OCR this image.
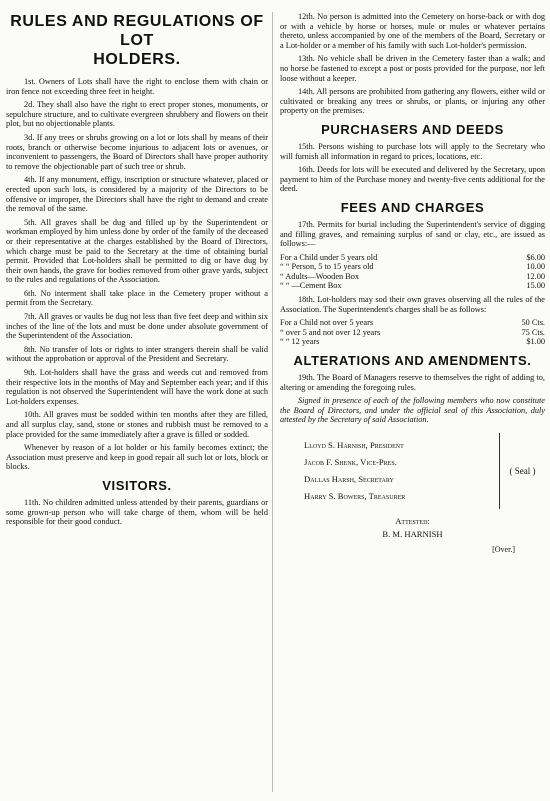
RULES AND REGULATIONS OF LOT
HOLDERS.

1st. Owners of Lots shall have the right to enclose them with chain or iron fence not exceeding three feet in height.

2d. They shall also have the right to erect proper stones, monuments, or sepulchure structure, and to cultivate evergreen shrubbery and flowers on their plot, but no objectionable plants.

3d. If any trees or shrubs growing on a lot or lots shall by means of their roots, branch or otherwise become injurious to adjacent lots or avenues, or inconvenient to passengers, the Board of Directors shall have proper authority to remove the objectionable part of such tree or shrub.

4th. If any monument, effigy, inscription or structure whatever, placed or erected upon such lots, is considered by a majority of the Directors to be offensive or improper, the Directors shall have the right to demand and create the removal of the same.

5th. All graves shall be dug and filled up by the Superintendent or workman employed by him unless done by order of the family of the deceased or their representative at the charges established by the Board of Directors, which charge must be paid to the Secretary at the time of obtaining burial permit. Provided that Lot-holders shall be permitted to dig or have dug by their own hands, the grave for bodies removed from other grave yards, subject to the rules and regulations of the Association.

6th. No interment shall take place in the Cemetery proper without a permit from the Secretary.

7th. All graves or vaults be dug not less than five feet deep and within six inches of the line of the lots and must be done under absolute government of the Superintendent of the Association.

8th. No transfer of lots or rights to inter strangers therein shall be valid without the approbation or approval of the President and Secretary.

9th. Lot-holders shall have the grass and weeds cut and removed from their respective lots in the months of May and September each year; and if this regulation is not observed the Superintendent will have the work done at such Lot-holders expenses.

10th. All graves must be sodded within ten months after they are filled, and all surplus clay, sand, stone or stones and rubbish must be removed to a place provided for the same immediately after a grave is filled or sodded.

Whenever by reason of a lot holder or his family becomes extinct; the Association must preserve and keep in good repair all such lot or lots, block or blocks.

VISITORS.

11th. No children admitted unless attended by their parents, guardians or some grown-up person who will take charge of them, whom will be held responsible for their good conduct.

12th. No person is admitted into the Cemetery on horse-back or with dog or with a vehicle by horse or horses, mule or mules or whatever pertains thereto, unless accompanied by one of the members of the Board, Secretary or a Lot-holder or a member of his family with such Lot-holder's permission.

13th. No vehicle shall be driven in the Cemetery faster than a walk; and no horse be fastened to except a post or posts provided for the purpose, nor left loose without a keeper.

14th. All persons are prohibited from gathering any flowers, either wild or cultivated or breaking any trees or shrubs, or plants, or injuring any other property on the premises.

PURCHASERS AND DEEDS

15th. Persons wishing to purchase lots will apply to the Secretary who will furnish all information in regard to prices, locations, etc.

16th. Deeds for lots will be executed and delivered by the Secretary, upon payment to him of the Purchase money and twenty-five cents additional for the deed.

FEES AND CHARGES

17th. Permits for burial including the Superintendent's service of digging and filling graves, and remaining surplus of sand or clay, etc., are issued as follows:—

For a Child under 5 years old	$6.00
“ “ Person, 5 to 15 years old	10.00
“ Adults—Wooden Box	12.00
“ “ —Cement Box	15.00

18th. Lot-holders may sod their own graves observing all the rules of the Association. The Superintendent's charges shall be as follows:

For a Child not over 5 years	50 Cts.
“ over 5 and not over 12 years	75 Cts.
“ “ 12 years	$1.00
ALTERATIONS AND AMENDMENTS.

19th. The Board of Managers reserve to themselves the right of adding to, altering or amending the foregoing rules.

Signed in presence of each of the following members who now constitute the Board of Directors, and under the official seal of this Association, duly attested by the Secretary of said Association.

Lloyd S. Harnish, President
Jacob F. Shenk, Vice-Pres.
Dallas Harsh, Secretary
Harry S. Bowers, Treasurer
( Seal )
Attested:
B. M. HARNISH
[Over.]
